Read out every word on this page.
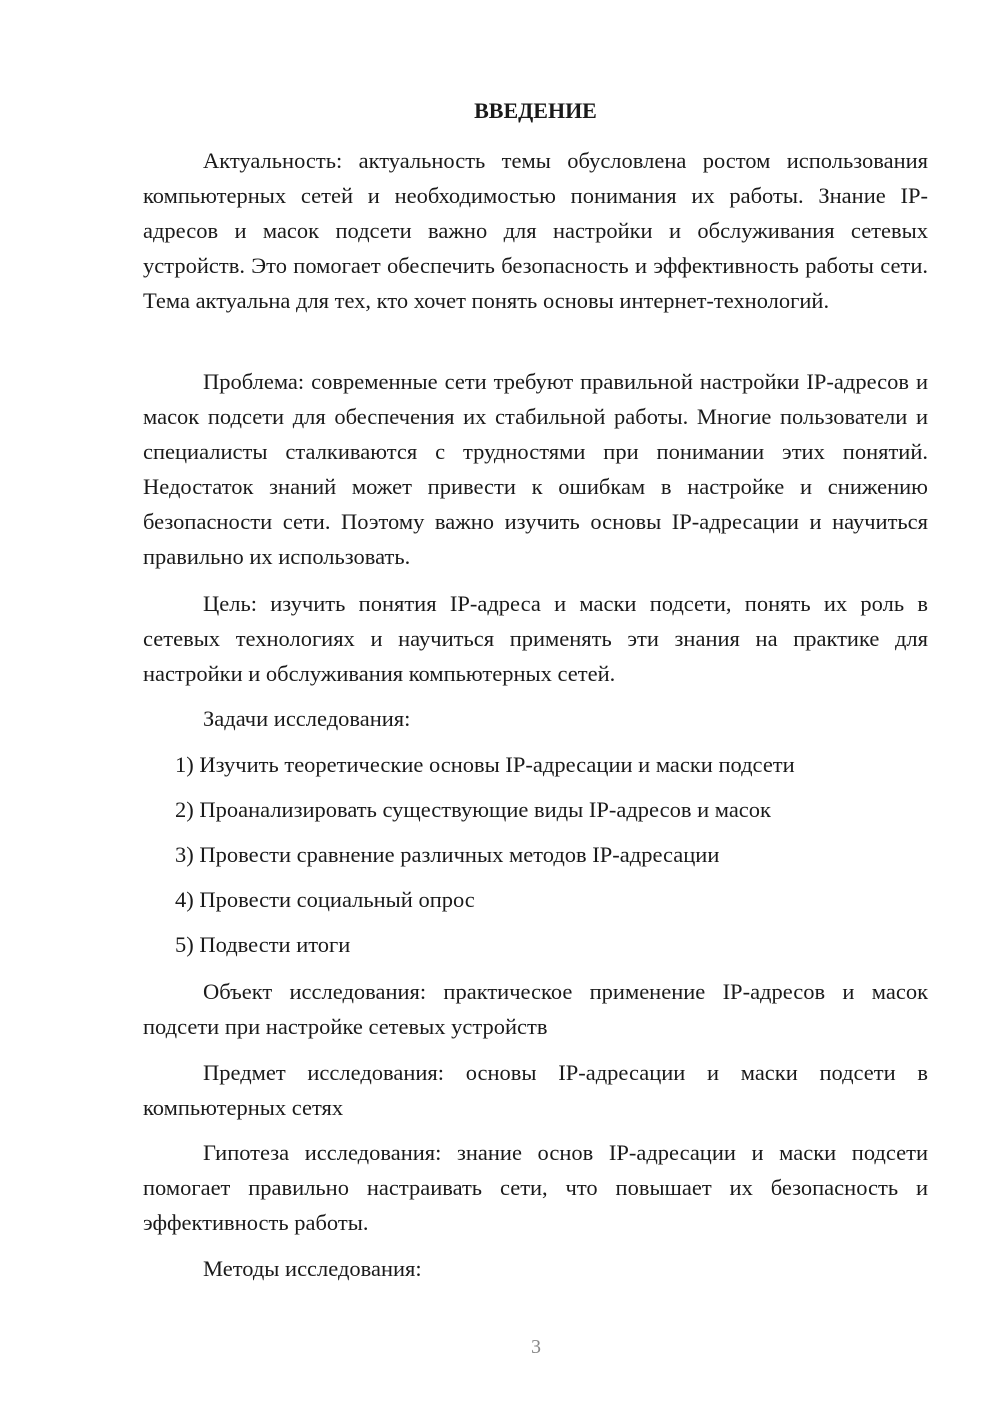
ВВЕДЕНИЕ

Актуальность: актуальность темы обусловлена ростом использования компьютерных сетей и необходимостью понимания их работы. Знание IP-адресов и масок подсети важно для настройки и обслуживания сетевых устройств. Это помогает обеспечить безопасность и эффективность работы сети. Тема актуальна для тех, кто хочет понять основы интернет-технологий.

Проблема: современные сети требуют правильной настройки IP-адресов и масок подсети для обеспечения их стабильной работы. Многие пользователи и специалисты сталкиваются с трудностями при понимании этих понятий. Недостаток знаний может привести к ошибкам в настройке и снижению безопасности сети. Поэтому важно изучить основы IP-адресации и научиться правильно их использовать.

Цель: изучить понятия IP-адреса и маски подсети, понять их роль в сетевых технологиях и научиться применять эти знания на практике для настройки и обслуживания компьютерных сетей.

Задачи исследования:

1) Изучить теоретические основы IP-адресации и маски подсети

2) Проанализировать существующие виды IP-адресов и масок

3) Провести сравнение различных методов IP-адресации

4) Провести социальный опрос

5) Подвести итоги

Объект исследования: практическое применение IP-адресов и масок подсети при настройке сетевых устройств

Предмет исследования: основы IP-адресации и маски подсети в компьютерных сетях

Гипотеза исследования: знание основ IP-адресации и маски подсети помогает правильно настраивать сети, что повышает их безопасность и эффективность работы.

Методы исследования:

3
